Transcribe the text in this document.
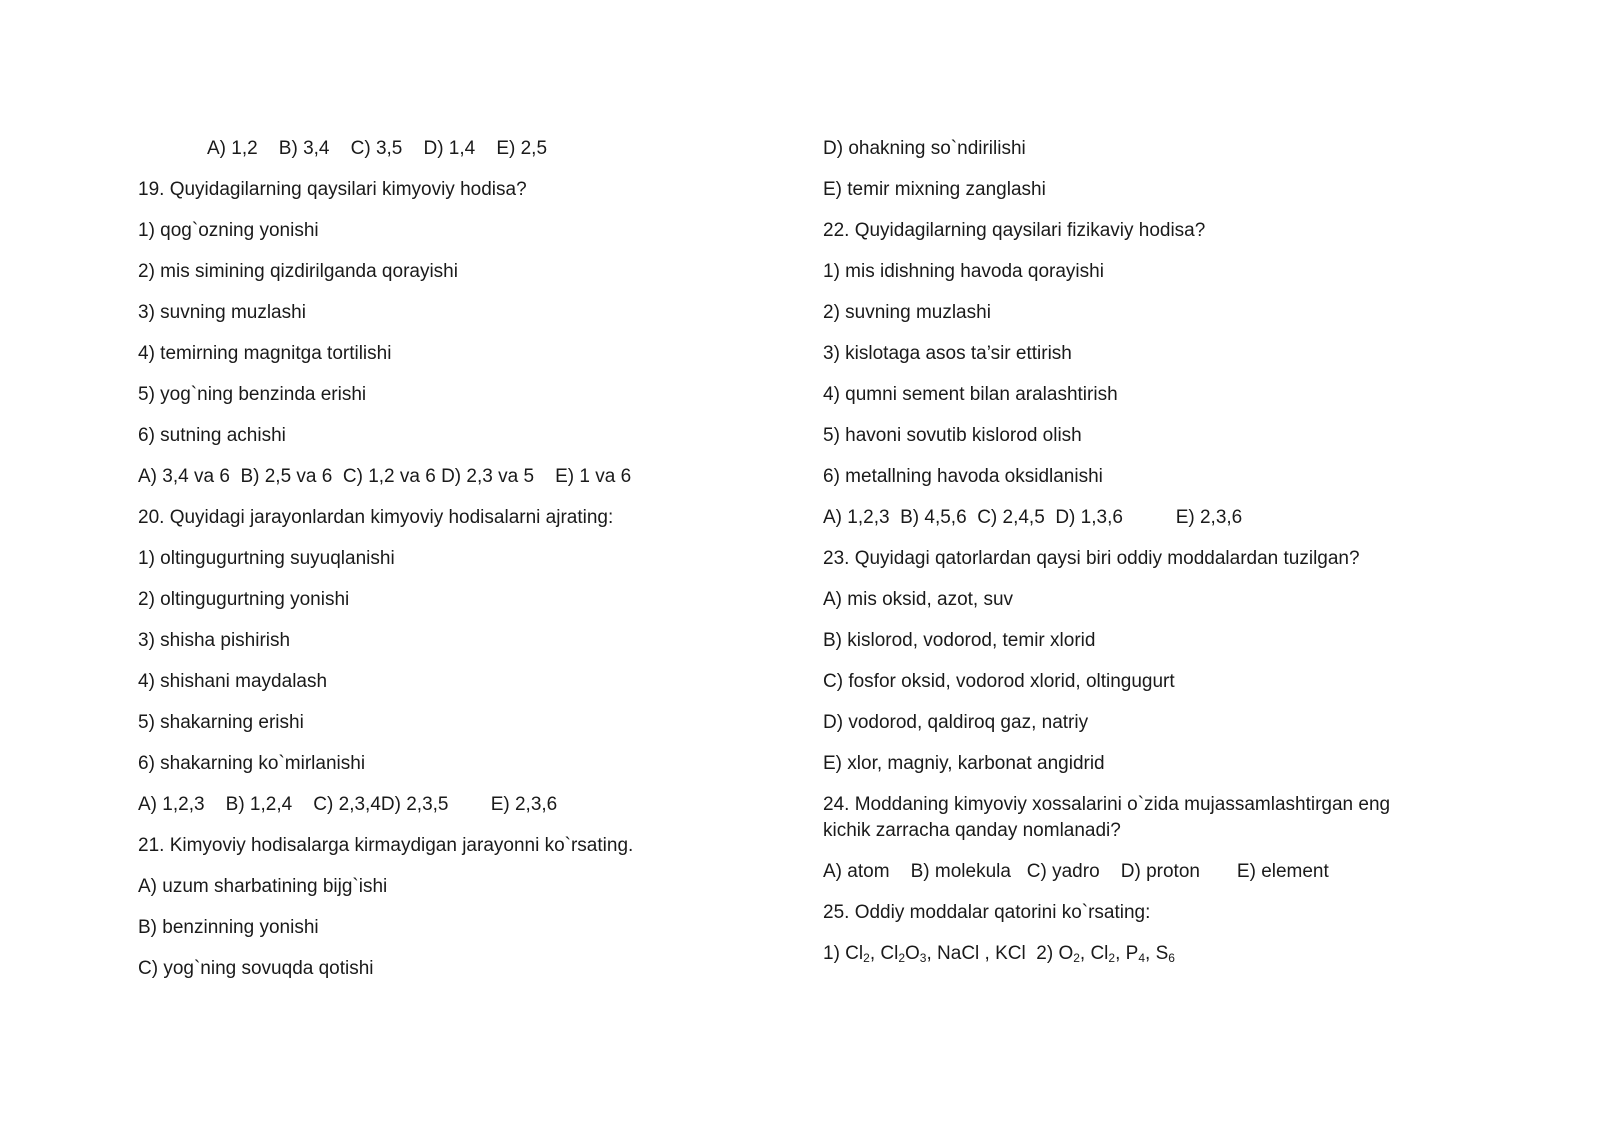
A) 1,2    B) 3,4    C) 3,5    D) 1,4    E) 2,5
19. Quyidagilarning qaysilari kimyoviy hodisa?
1) qog`ozning yonishi
2) mis simining qizdirilganda qorayishi
3) suvning muzlashi
4) temirning magnitga tortilishi
5) yog`ning benzinda erishi
6) sutning achishi
A) 3,4 va 6  B) 2,5 va 6  C) 1,2 va 6 D) 2,3 va 5    E) 1 va 6
20. Quyidagi jarayonlardan kimyoviy hodisalarni ajrating:
1) oltingugurtning suyuqlanishi
2) oltingugurtning yonishi
3) shisha pishirish
4) shishani maydalash
5) shakarning erishi
6) shakarning ko`mirlanishi
A) 1,2,3    B) 1,2,4    C) 2,3,4D) 2,3,5        E) 2,3,6
21. Kimyoviy hodisalarga kirmaydigan jarayonni ko`rsating.
A) uzum sharbatining bijg`ishi
B) benzinning yonishi
C) yog`ning sovuqda qotishi
D) ohakning so`ndirilishi
E) temir mixning zanglashi
22. Quyidagilarning qaysilari fizikaviy hodisa?
1) mis idishning havoda qorayishi
2) suvning muzlashi
3) kislotaga asos ta’sir ettirish
4) qumni sement bilan aralashtirish
5) havoni sovutib kislorod olish
6) metallning havoda oksidlanishi
A) 1,2,3  B) 4,5,6  C) 2,4,5  D) 1,3,6          E) 2,3,6
23. Quyidagi qatorlardan qaysi biri oddiy moddalardan tuzilgan?
A) mis oksid, azot, suv
B) kislorod, vodorod, temir xlorid
C) fosfor oksid, vodorod xlorid, oltingugurt
D) vodorod, qaldiroq gaz, natriy
E) xlor, magniy, karbonat angidrid
24. Moddaning kimyoviy xossalarini o`zida mujassamlashtirgan eng kichik zarracha qanday nomlanadi?
A) atom    B) molekula   C) yadro    D) proton       E) element
25. Oddiy moddalar qatorini ko`rsating:
1) $Cl_2$, $Cl_2O_3$, NaCl , KCl  2) $O_2$, $Cl_2$, $P_4$, $S_6$
